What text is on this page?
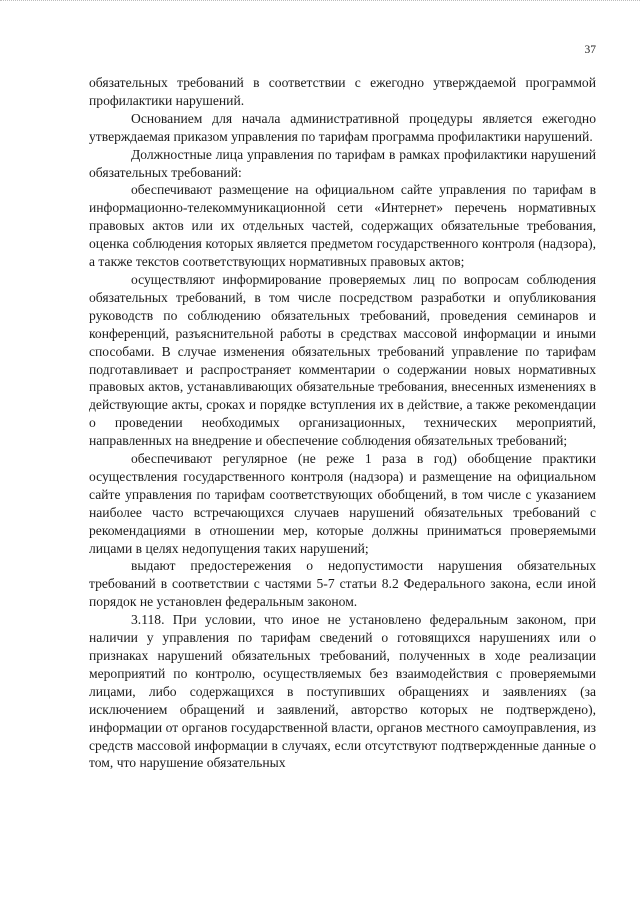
37

обязательных требований в соответствии с ежегодно утверждаемой программой профилактики нарушений.

Основанием для начала административной процедуры является ежегодно утверждаемая приказом управления по тарифам программа профилактики нарушений.

Должностные лица управления по тарифам в рамках профилактики нарушений обязательных требований:

обеспечивают размещение на официальном сайте управления по тарифам в информационно-телекоммуникационной сети «Интернет» перечень нормативных правовых актов или их отдельных частей, содержащих обязательные требования, оценка соблюдения которых является предметом государственного контроля (надзора), а также текстов соответствующих нормативных правовых актов;

осуществляют информирование проверяемых лиц по вопросам соблюдения обязательных требований, в том числе посредством разработки и опубликования руководств по соблюдению обязательных требований, проведения семинаров и конференций, разъяснительной работы в средствах массовой информации и иными способами. В случае изменения обязательных требований управление по тарифам подготавливает и распространяет комментарии о содержании новых нормативных правовых актов, устанавливающих обязательные требования, внесенных изменениях в действующие акты, сроках и порядке вступления их в действие, а также рекомендации о проведении необходимых организационных, технических мероприятий, направленных на внедрение и обеспечение соблюдения обязательных требований;

обеспечивают регулярное (не реже 1 раза в год) обобщение практики осуществления государственного контроля (надзора) и размещение на официальном сайте управления по тарифам соответствующих обобщений, в том числе с указанием наиболее часто встречающихся случаев нарушений обязательных требований с рекомендациями в отношении мер, которые должны приниматься проверяемыми лицами в целях недопущения таких нарушений;

выдают предостережения о недопустимости нарушения обязательных требований в соответствии с частями 5-7 статьи 8.2 Федерального закона, если иной порядок не установлен федеральным законом.

3.118. При условии, что иное не установлено федеральным законом, при наличии у управления по тарифам сведений о готовящихся нарушениях или о признаках нарушений обязательных требований, полученных в ходе реализации мероприятий по контролю, осуществляемых без взаимодействия с проверяемыми лицами, либо содержащихся в поступивших обращениях и заявлениях (за исключением обращений и заявлений, авторство которых не подтверждено), информации от органов государственной власти, органов местного самоуправления, из средств массовой информации в случаях, если отсутствуют подтвержденные данные о том, что нарушение обязательных
